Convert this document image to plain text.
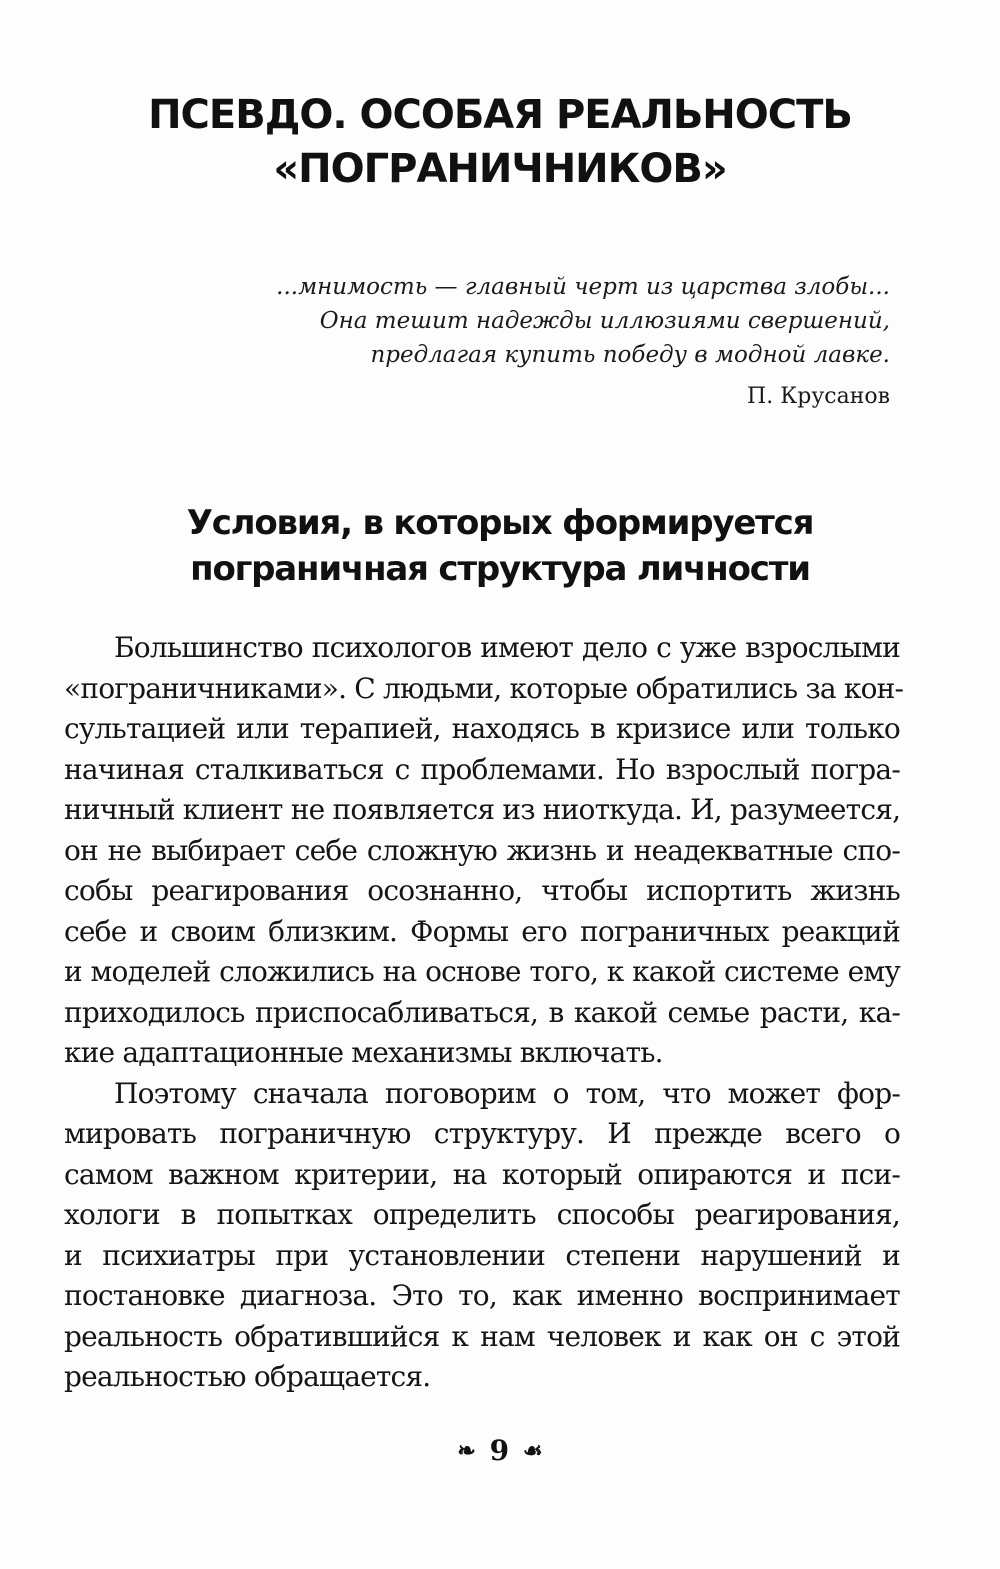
ПСЕВДО. ОСОБАЯ РЕАЛЬНОСТЬ
«ПОГРАНИЧНИКОВ»
...мнимость — главный черт из царства злобы...
Она тешит надежды иллюзиями свершений,
предлагая купить победу в модной лавке.
П. Крусанов
Условия, в которых формируется
пограничная структура личности
Большинство психологов имеют дело с уже взрослыми
«пограничниками». С людьми, которые обратились за кон-
сультацией или терапией, находясь в кризисе или только
начиная сталкиваться с проблемами. Но взрослый погра-
ничный клиент не появляется из ниоткуда. И, разумеется,
он не выбирает себе сложную жизнь и неадекватные спо-
собы реагирования осознанно, чтобы испортить жизнь
себе и своим близким. Формы его пограничных реакций
и моделей сложились на основе того, к какой системе ему
приходилось приспосабливаться, в какой семье расти, ка-
кие адаптационные механизмы включать.
Поэтому сначала поговорим о том, что может фор-
мировать пограничную структуру. И прежде всего о
самом важном критерии, на который опираются и пси-
хологи в попытках определить способы реагирования,
и психиатры при установлении степени нарушений и
постановке диагноза. Это то, как именно воспринимает
реальность обратившийся к нам человек и как он с этой
реальностью обращается.
❧ 9 ☙
